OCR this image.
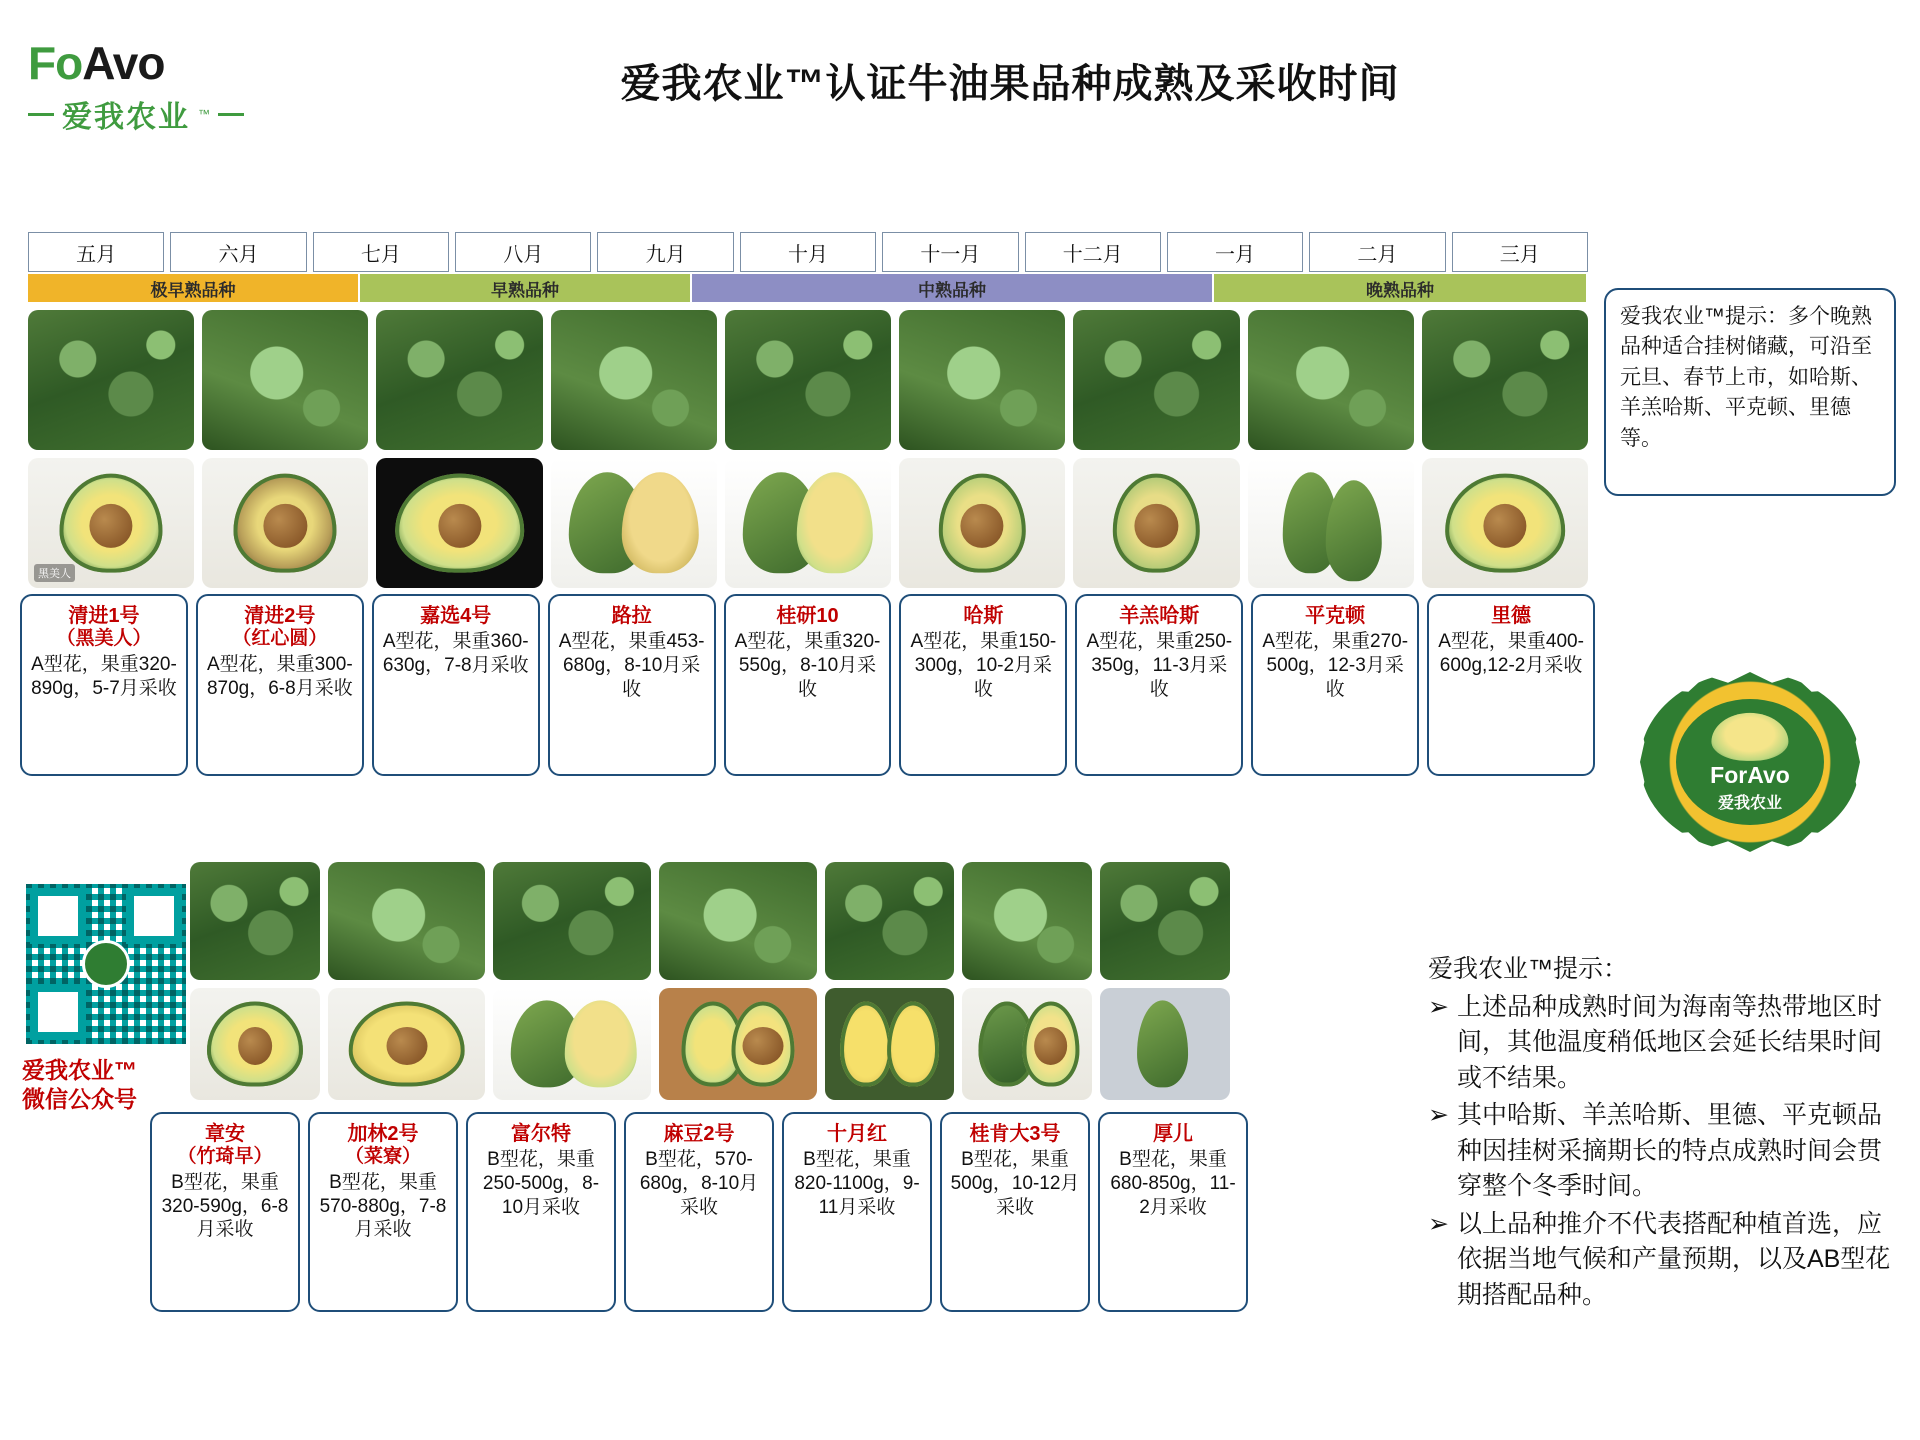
FoAvo
爱我农业 ™
爱我农业™认证牛油果品种成熟及采收时间
五月	六月	七月	八月	九月	十月	十一月	十二月	一月	二月	三月
极早熟品种	早熟品种	中熟品种	晚熟品种
黑美人
清进1号
（黑美人）
A型花，果重320-890g，5-7月采收
清进2号
（红心圆）
A型花，果重300-870g，6-8月采收
嘉选4号
A型花，果重360-630g，7-8月采收
路拉
A型花，果重453-680g，8-10月采收
桂研10
A型花，果重320-550g，8-10月采收
哈斯
A型花，果重150-300g，10-2月采收
羊羔哈斯
A型花，果重250-350g，11-3月采收
平克顿
A型花，果重270-500g，12-3月采收
里德
A型花，果重400-600g,12-2月采收
爱我农业™提示：多个晚熟品种适合挂树储藏，可沿至元旦、春节上市，如哈斯、羊羔哈斯、平克顿、里德等。
ForAvo
爱我农业
章安
（竹琦早）
B型花，果重320-590g，6-8月采收
加林2号
（菜寮）
B型花，果重570-880g，7-8月采收
富尔特
B型花，果重250-500g，8-10月采收
麻豆2号
B型花，570-680g，8-10月采收
十月红
B型花，果重820-1100g，9-11月采收
桂肯大3号
B型花，果重500g，10-12月采收
厚儿
B型花，果重680-850g，11-2月采收
爱我农业™
微信公众号
爱我农业™提示：
➢ 上述品种成熟时间为海南等热带地区时间，其他温度稍低地区会延长结果时间或不结果。
➢ 其中哈斯、羊羔哈斯、里德、平克顿品种因挂树采摘期长的特点成熟时间会贯穿整个冬季时间。
➢ 以上品种推介不代表搭配种植首选，应依据当地气候和产量预期，以及AB型花期搭配品种。
